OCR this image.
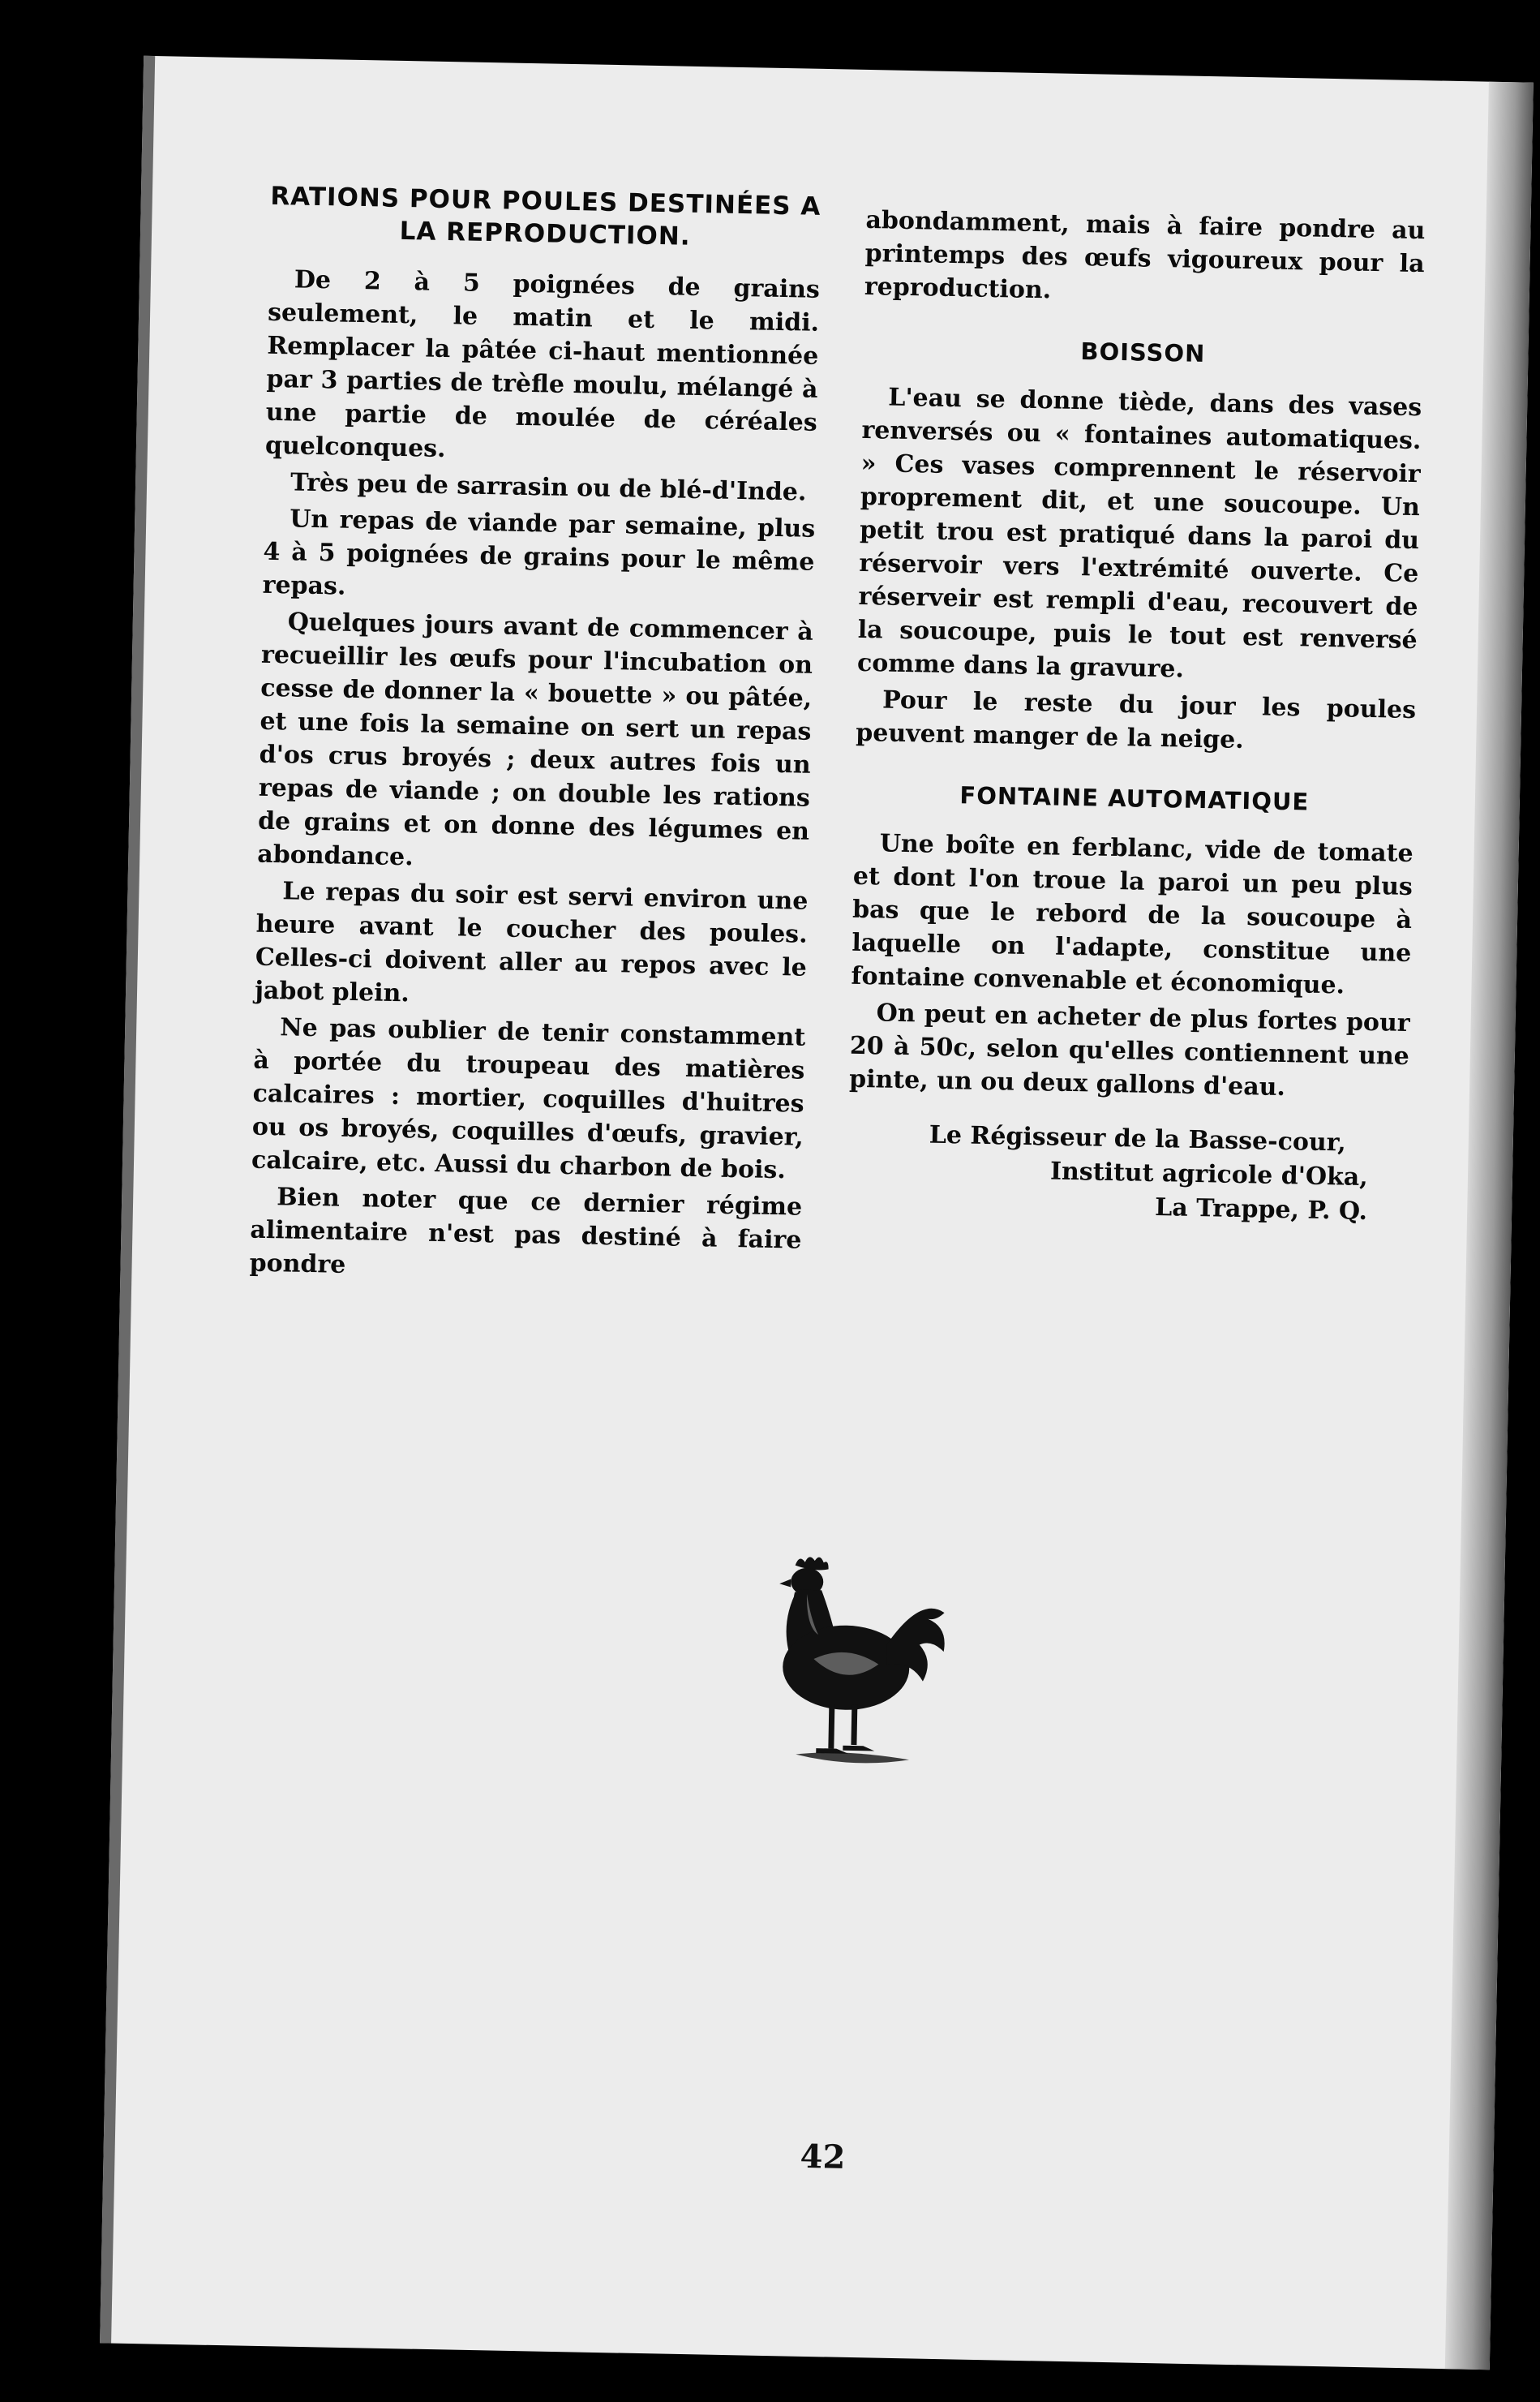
RATIONS POUR POULES DESTINÉES A LA REPRODUCTION.

De 2 à 5 poignées de grains seulement, le matin et le midi. Remplacer la pâtée ci-haut mentionnée par 3 parties de trèfle moulu, mélangé à une partie de moulée de céréales quelconques.

Très peu de sarrasin ou de blé-d'Inde.

Un repas de viande par semaine, plus 4 à 5 poignées de grains pour le même repas.

Quelques jours avant de commencer à recueillir les œufs pour l'incubation on cesse de donner la « bouette » ou pâtée, et une fois la semaine on sert un repas d'os crus broyés ; deux autres fois un repas de viande ; on double les rations de grains et on donne des légumes en abondance.

Le repas du soir est servi environ une heure avant le coucher des poules. Celles-ci doivent aller au repos avec le jabot plein.

Ne pas oublier de tenir constamment à portée du troupeau des matières calcaires : mortier, coquilles d'huitres ou os broyés, coquilles d'œufs, gravier, calcaire, etc. Aussi du charbon de bois.

Bien noter que ce dernier régime alimentaire n'est pas destiné à faire pondre

abondamment, mais à faire pondre au printemps des œufs vigoureux pour la reproduction.

BOISSON

L'eau se donne tiède, dans des vases renversés ou « fontaines automatiques. » Ces vases comprennent le réservoir proprement dit, et une soucoupe. Un petit trou est pratiqué dans la paroi du réservoir vers l'extrémité ouverte. Ce réserveir est rempli d'eau, recouvert de la soucoupe, puis le tout est renversé comme dans la gravure.

Pour le reste du jour les poules peuvent manger de la neige.

FONTAINE AUTOMATIQUE

Une boîte en ferblanc, vide de tomate et dont l'on troue la paroi un peu plus bas que le rebord de la soucoupe à laquelle on l'adapte, constitue une fontaine convenable et économique.

On peut en acheter de plus fortes pour 20 à 50c, selon qu'elles contiennent une pinte, un ou deux gallons d'eau.

Le Régisseur de la Basse-cour,
Institut agricole d'Oka,
La Trappe, P. Q.
42
